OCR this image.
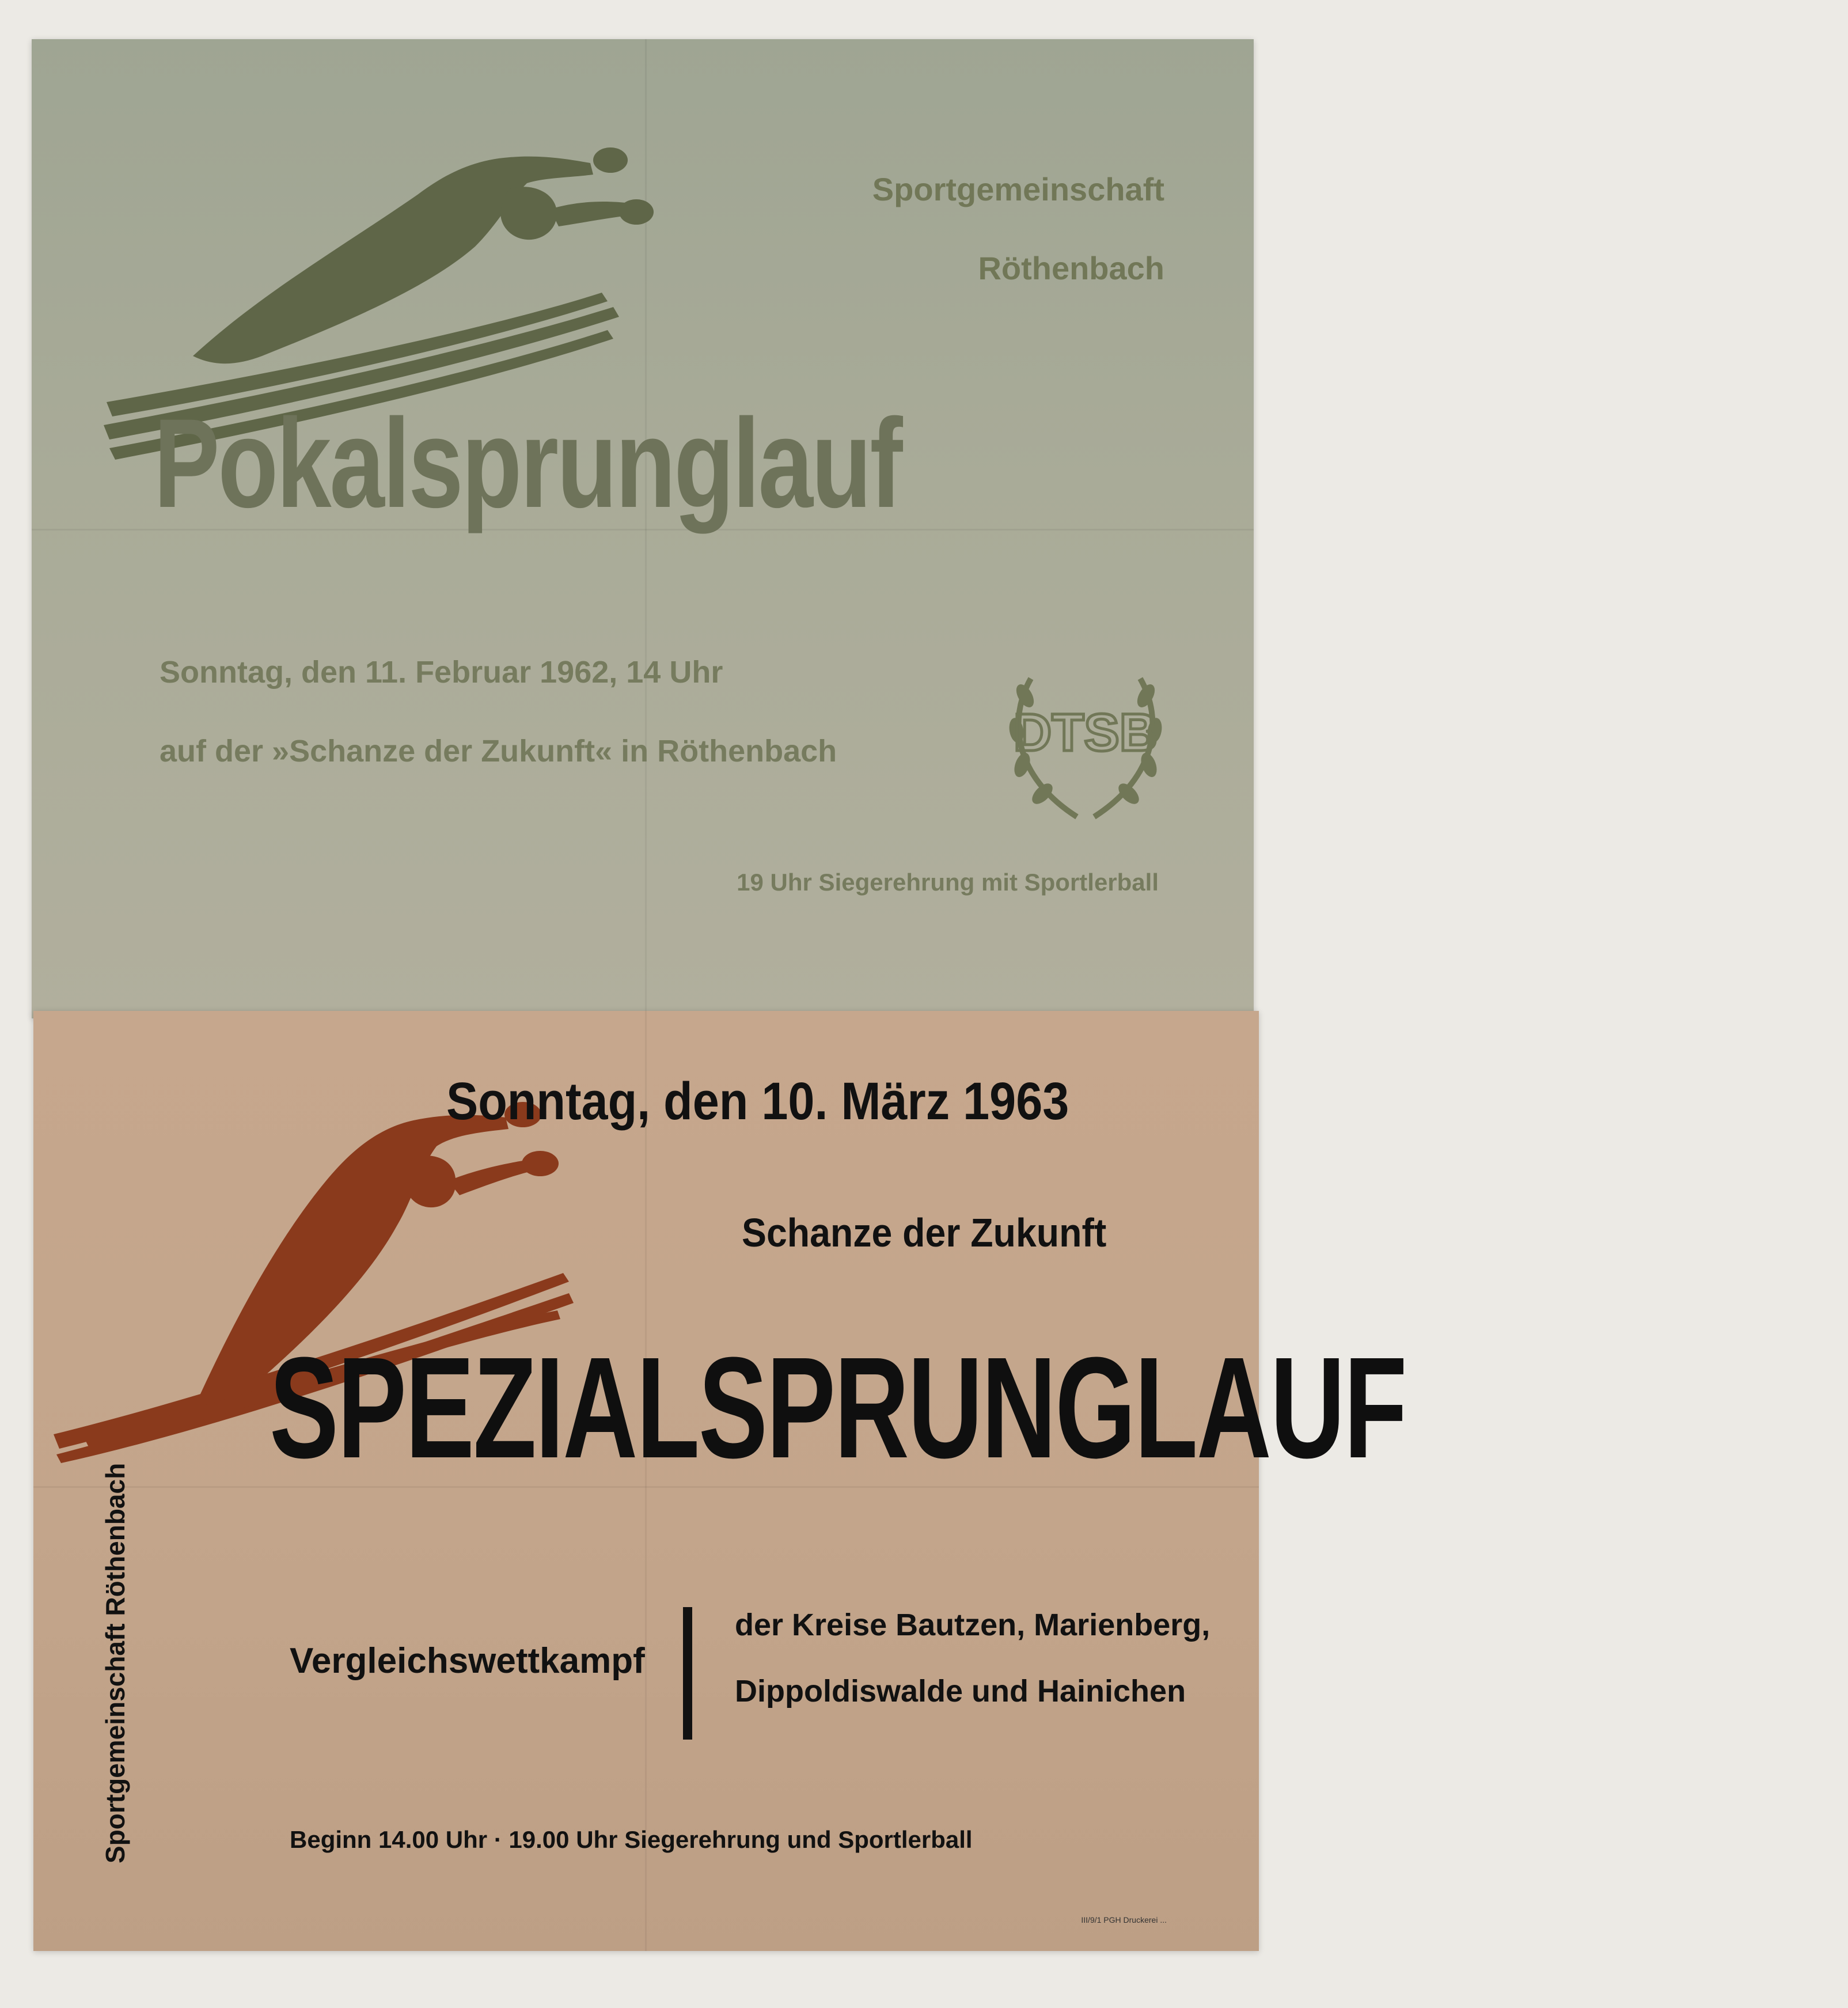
Sportgemeinschaft
Röthenbach
Pokalsprunglauf
Sonntag, den 11. Februar 1962, 14 Uhr
auf der »Schanze der Zukunft« in Röthenbach	DTSB
19 Uhr Siegerehrung mit Sportlerball
Sonntag, den 10. März 1963
Schanze der Zukunft
SPEZIALSPRUNGLAUF
Sportgemeinschaft Röthenbach	Vergleichswettkampf
der Kreise Bautzen, Marienberg,
Dippoldiswalde und Hainichen
Beginn 14.00 Uhr · 19.00 Uhr Siegerehrung und Sportlerball
III/9/1 PGH Druckerei ...
